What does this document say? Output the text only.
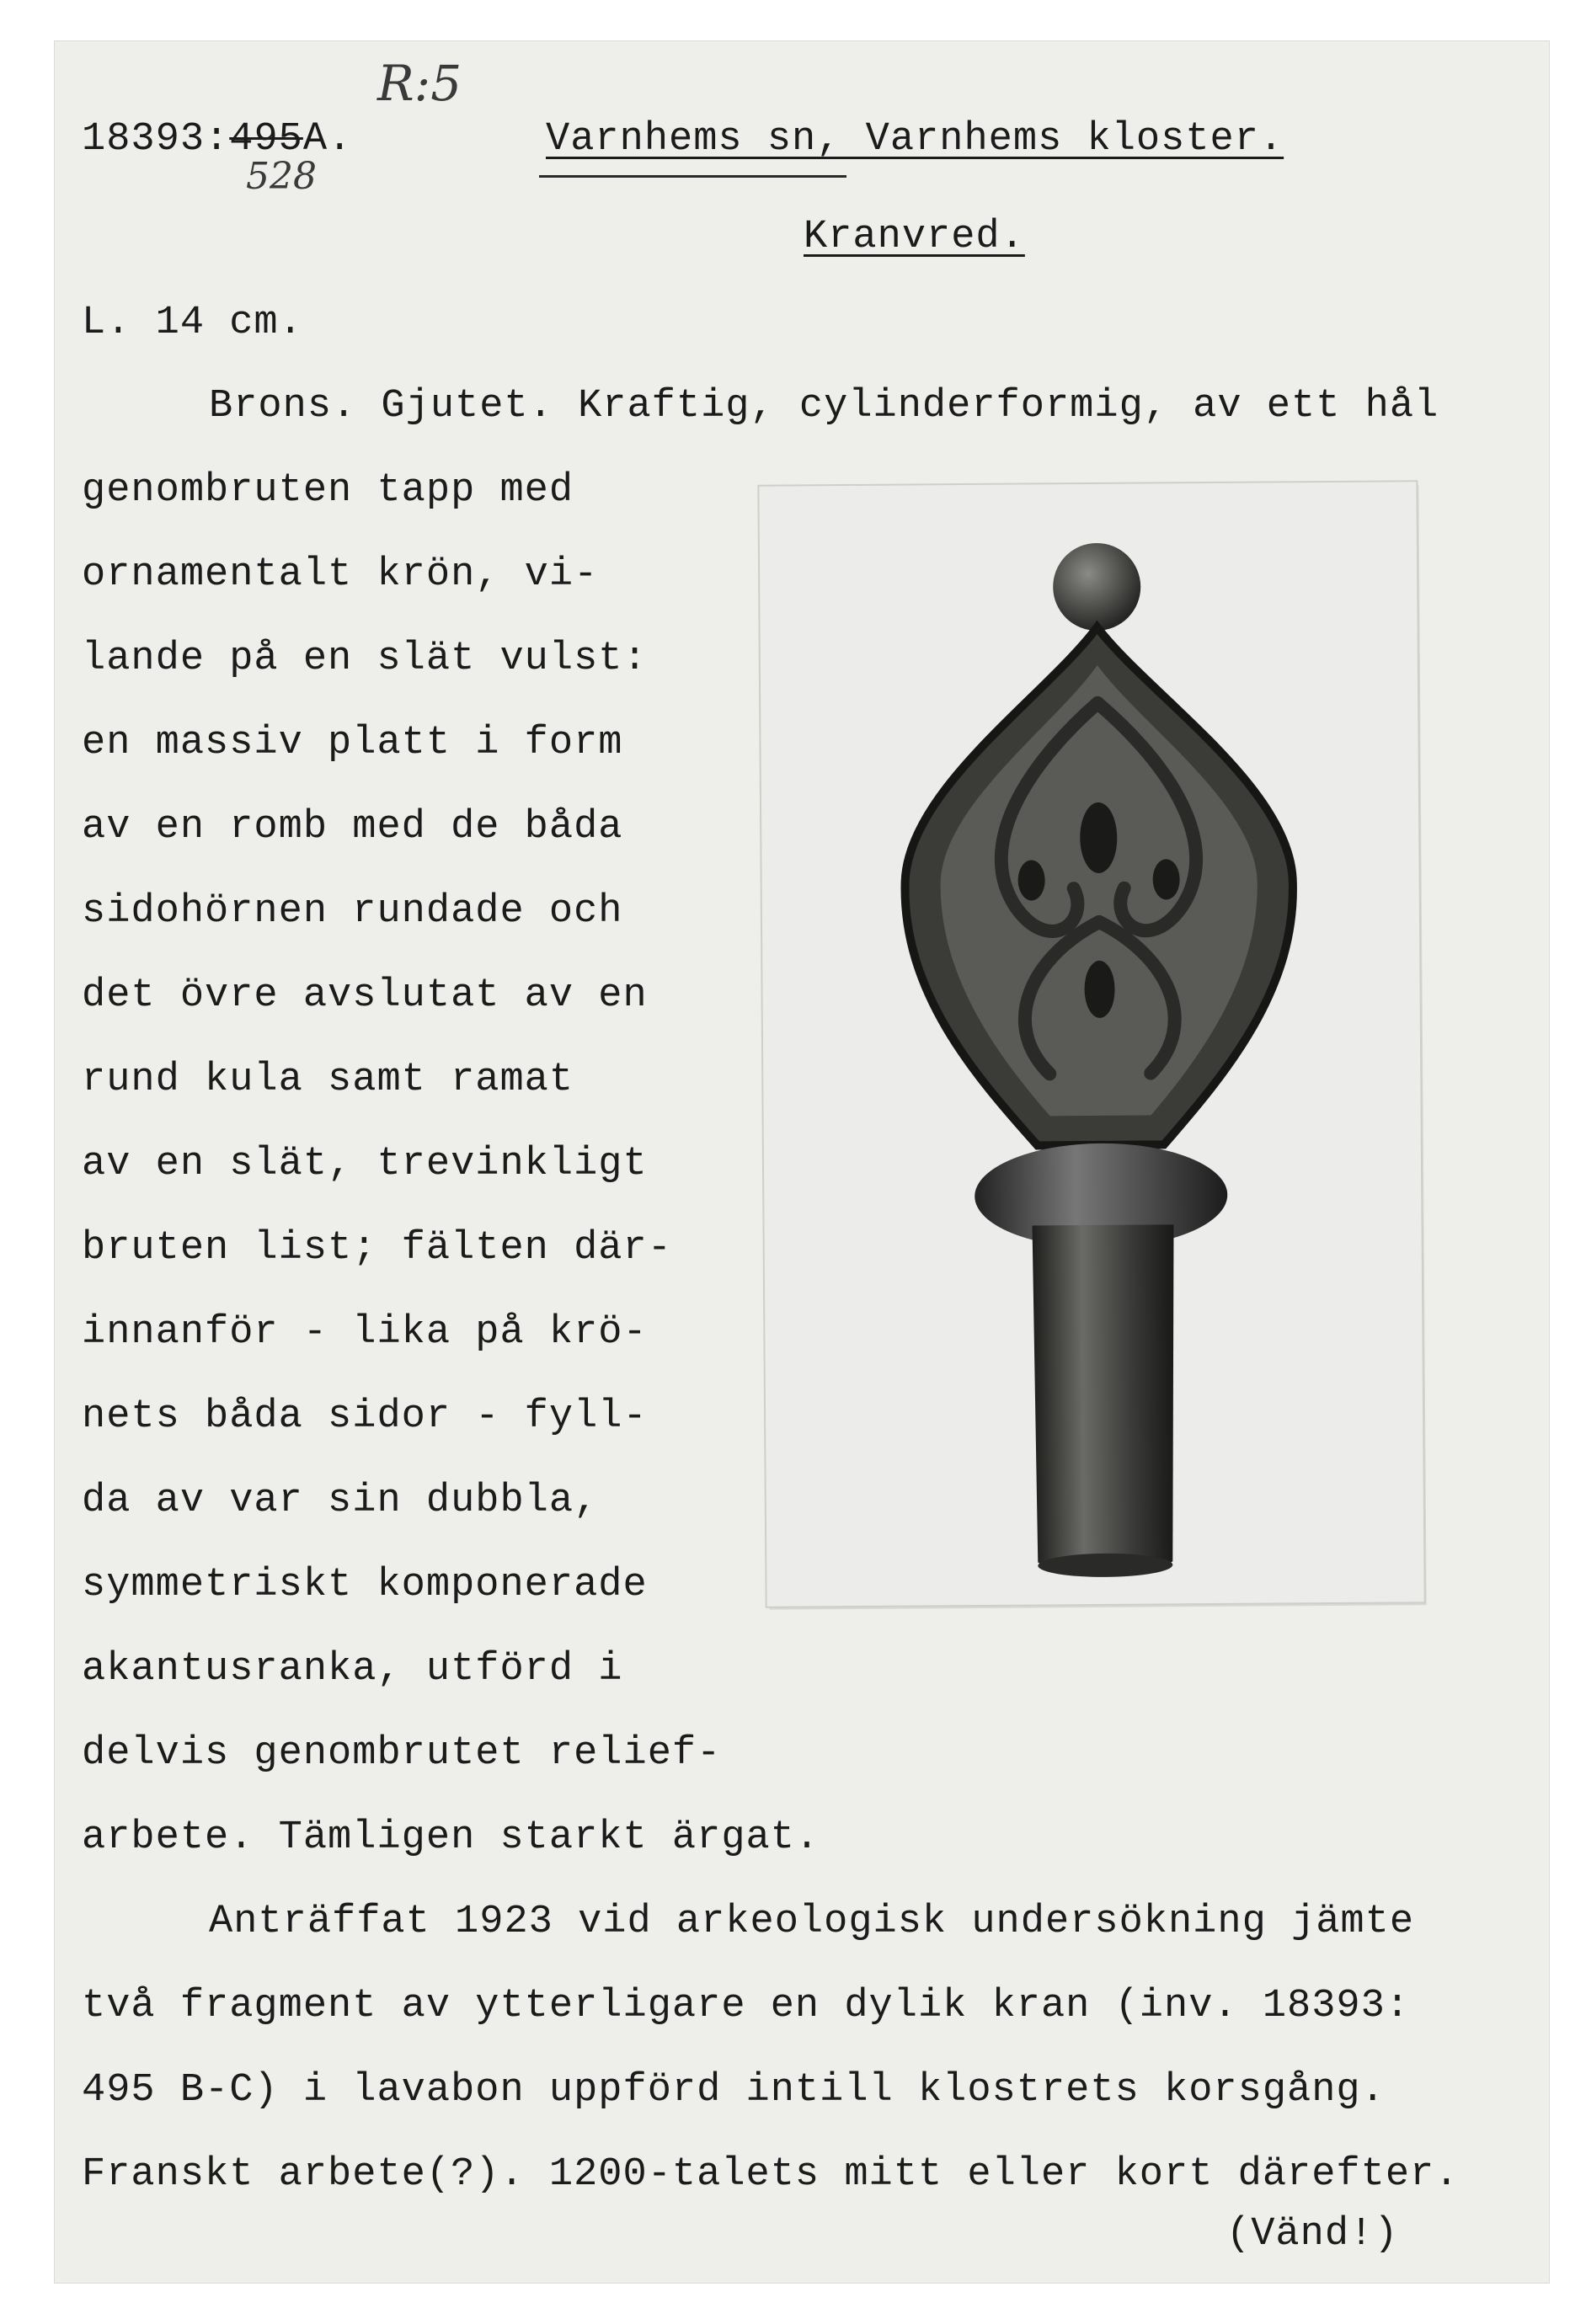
R:5
18393:495A.
528
Varnhems sn, Varnhems kloster.
Kranvred.
L. 14 cm.
Brons. Gjutet. Kraftig, cylinderformig, av ett hål
genombruten tapp med
ornamentalt krön, vi-
lande på en slät vulst:
en massiv platt i form
av en romb med de båda
sidohörnen rundade och
det övre avslutat av en
rund kula samt ramat
av en slät, trevinkligt
bruten list; fälten där-
innanför - lika på krö-
nets båda sidor - fyll-
da av var sin dubbla,
symmetriskt komponerade
akantusranka, utförd i
delvis genombrutet relief-
arbete. Tämligen starkt ärgat.
Anträffat 1923 vid arkeologisk undersökning jämte
två fragment av ytterligare en dylik kran (inv. 18393:
495 B-C) i lavabon uppförd intill klostrets korsgång.
Franskt arbete(?). 1200-talets mitt eller kort därefter.
(Vänd!)
